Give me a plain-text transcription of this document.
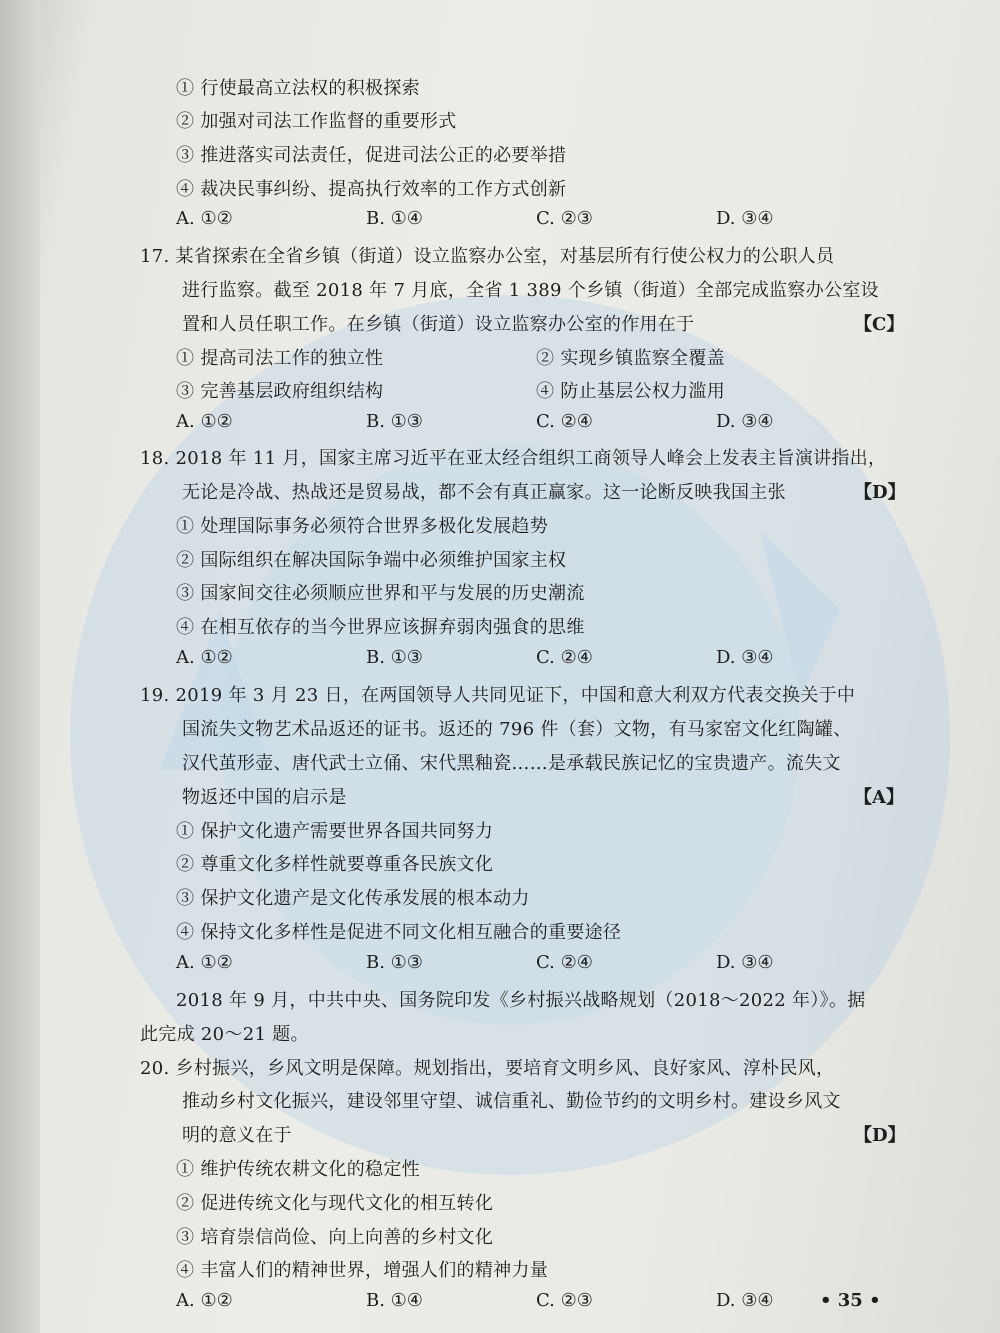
① 行使最高立法权的积极探索
② 加强对司法工作监督的重要形式
③ 推进落实司法责任，促进司法公正的必要举措
④ 裁决民事纠纷、提高执行效率的工作方式创新
A. ①②	B. ①④	C. ②③	D. ③④
17. 某省探索在全省乡镇（街道）设立监察办公室，对基层所有行使公权力的公职人员
进行监察。截至 2018 年 7 月底，全省 1 389 个乡镇（街道）全部完成监察办公室设
置和人员任职工作。在乡镇（街道）设立监察办公室的作用在于	【C】
① 提高司法工作的独立性	② 实现乡镇监察全覆盖
③ 完善基层政府组织结构	④ 防止基层公权力滥用
A. ①②	B. ①③	C. ②④	D. ③④
18. 2018 年 11 月，国家主席习近平在亚太经合组织工商领导人峰会上发表主旨演讲指出，
无论是冷战、热战还是贸易战，都不会有真正赢家。这一论断反映我国主张	【D】
① 处理国际事务必须符合世界多极化发展趋势
② 国际组织在解决国际争端中必须维护国家主权
③ 国家间交往必须顺应世界和平与发展的历史潮流
④ 在相互依存的当今世界应该摒弃弱肉强食的思维
A. ①②	B. ①③	C. ②④	D. ③④
19. 2019 年 3 月 23 日，在两国领导人共同见证下，中国和意大利双方代表交换关于中
国流失文物艺术品返还的证书。返还的 796 件（套）文物，有马家窑文化红陶罐、
汉代茧形壶、唐代武士立俑、宋代黑釉瓷……是承载民族记忆的宝贵遗产。流失文
物返还中国的启示是	【A】
① 保护文化遗产需要世界各国共同努力
② 尊重文化多样性就要尊重各民族文化
③ 保护文化遗产是文化传承发展的根本动力
④ 保持文化多样性是促进不同文化相互融合的重要途径
A. ①②	B. ①③	C. ②④	D. ③④
2018 年 9 月，中共中央、国务院印发《乡村振兴战略规划（2018～2022 年）》。据
此完成 20～21 题。
20. 乡村振兴，乡风文明是保障。规划指出，要培育文明乡风、良好家风、淳朴民风，
推动乡村文化振兴，建设邻里守望、诚信重礼、勤俭节约的文明乡村。建设乡风文
明的意义在于	【D】
① 维护传统农耕文化的稳定性
② 促进传统文化与现代文化的相互转化
③ 培育崇信尚俭、向上向善的乡村文化
④ 丰富人们的精神世界，增强人们的精神力量
A. ①②	B. ①④	C. ②③	D. ③④	• 35 •
